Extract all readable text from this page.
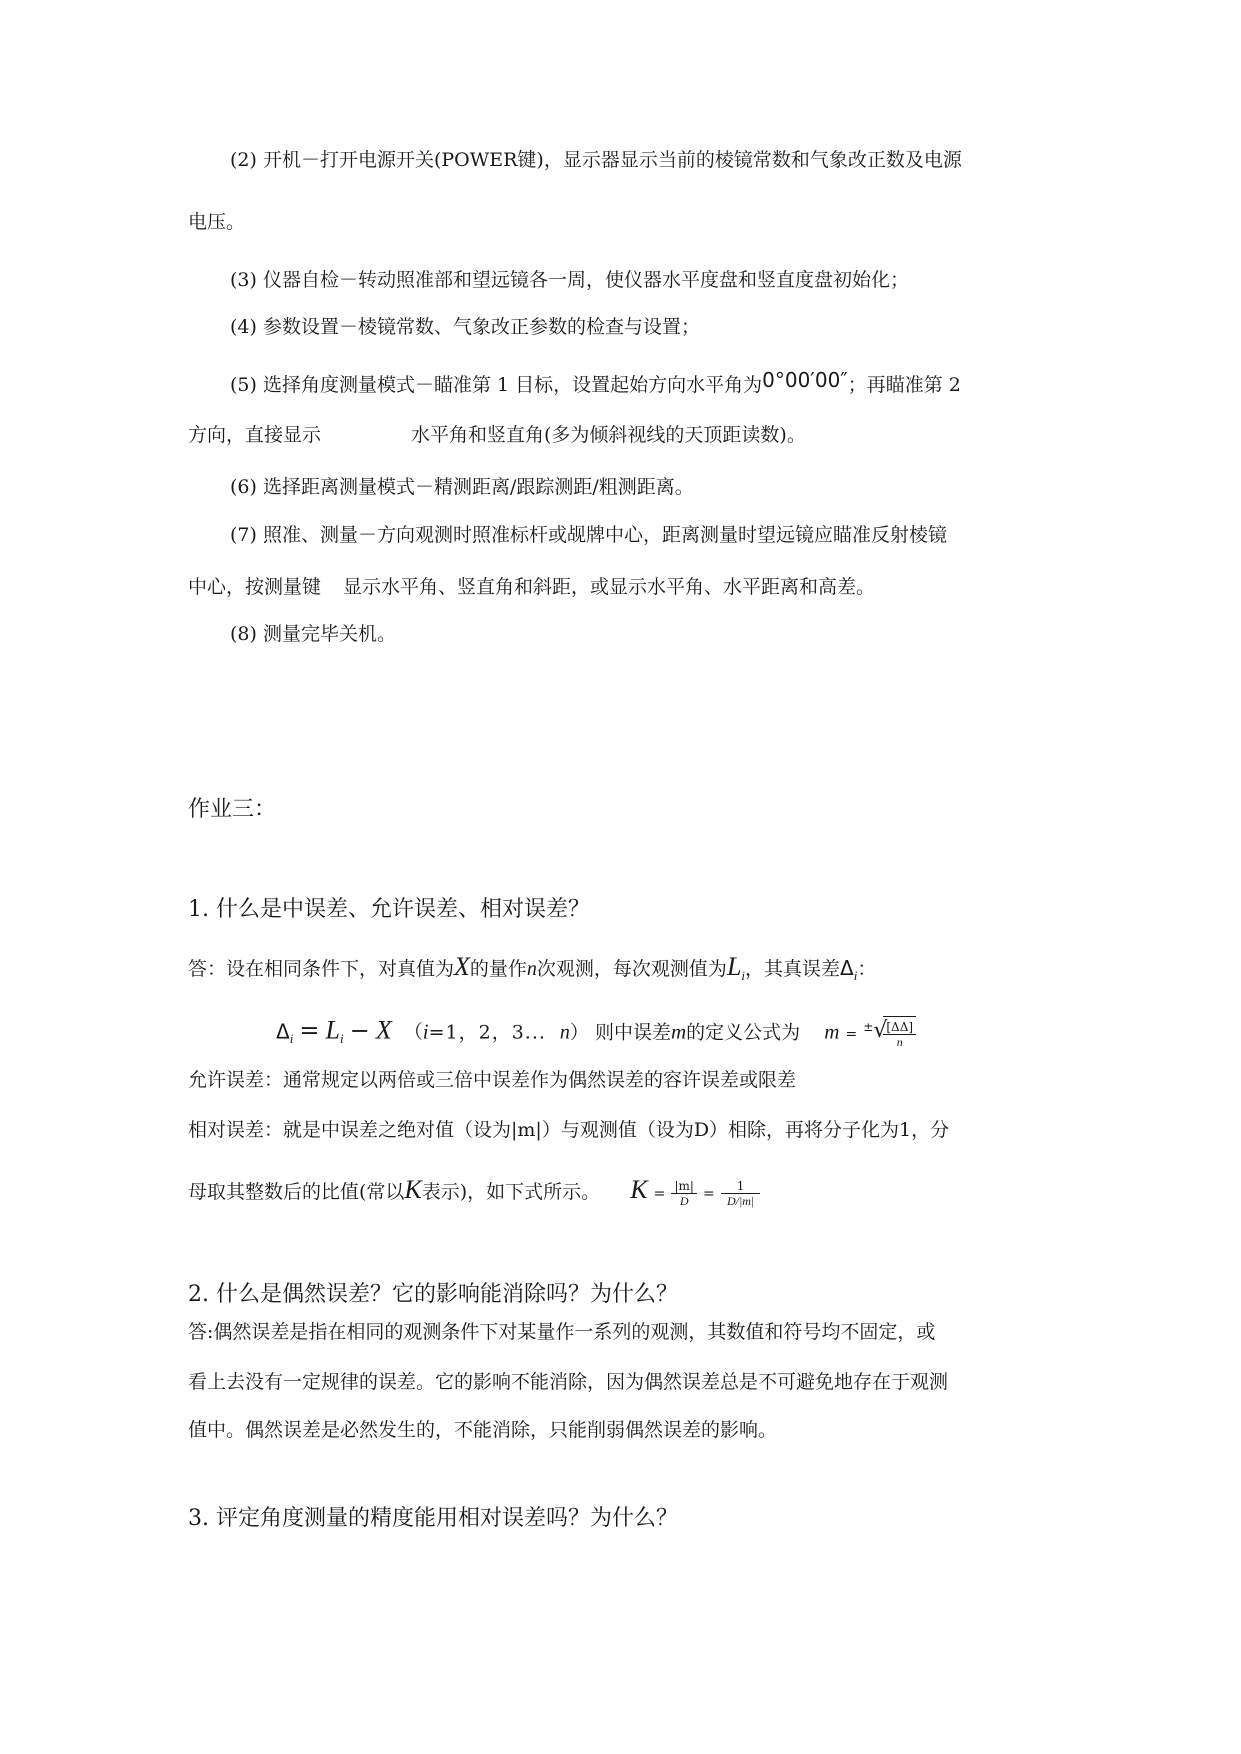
(2) 开机－打开电源开关(POWER键)，显示器显示当前的棱镜常数和气象改正数及电源
电压。
(3) 仪器自检－转动照准部和望远镜各一周，使仪器水平度盘和竖直度盘初始化；
(4) 参数设置－棱镜常数、气象改正参数的检查与设置；
(5) 选择角度测量模式－瞄准第 1 目标，设置起始方向水平角为0°00′00″；再瞄准第 2
方向，直接显示	水平角和竖直角(多为倾斜视线的天顶距读数)。
(6) 选择距离测量模式－精测距离/跟踪测距/粗测距离。
(7) 照准、测量－方向观测时照准标杆或觇牌中心，距离测量时望远镜应瞄准反射棱镜
中心，按测量键 显示水平角、竖直角和斜距，或显示水平角、水平距离和高差。
(8) 测量完毕关机。
作业三：
1. 什么是中误差、允许误差、相对误差？
答：设在相同条件下，对真值为X的量作n次观测，每次观测值为$L_i$，其真误差$\Delta_i$：
$\Delta_i = L_i - X$ （i=1，2，3... n） 则中误差m的定义公式为 m = ±
√ $\frac{[\Delta\Delta]}{n}$
允许误差：通常规定以两倍或三倍中误差作为偶然误差的容许误差或限差
相对误差：就是中误差之绝对值（设为|m|）与观测值（设为D）相除，再将分子化为1，分
母取其整数后的比值(常以K表示)，如下式所示。 $K = \frac{|m|}{D} = \frac{1}{D/|m|}$
2. 什么是偶然误差？它的影响能消除吗？为什么？
答:偶然误差是指在相同的观测条件下对某量作一系列的观测，其数值和符号均不固定，或
看上去没有一定规律的误差。它的影响不能消除，因为偶然误差总是不可避免地存在于观测
值中。偶然误差是必然发生的，不能消除，只能削弱偶然误差的影响。
3. 评定角度测量的精度能用相对误差吗？为什么？
